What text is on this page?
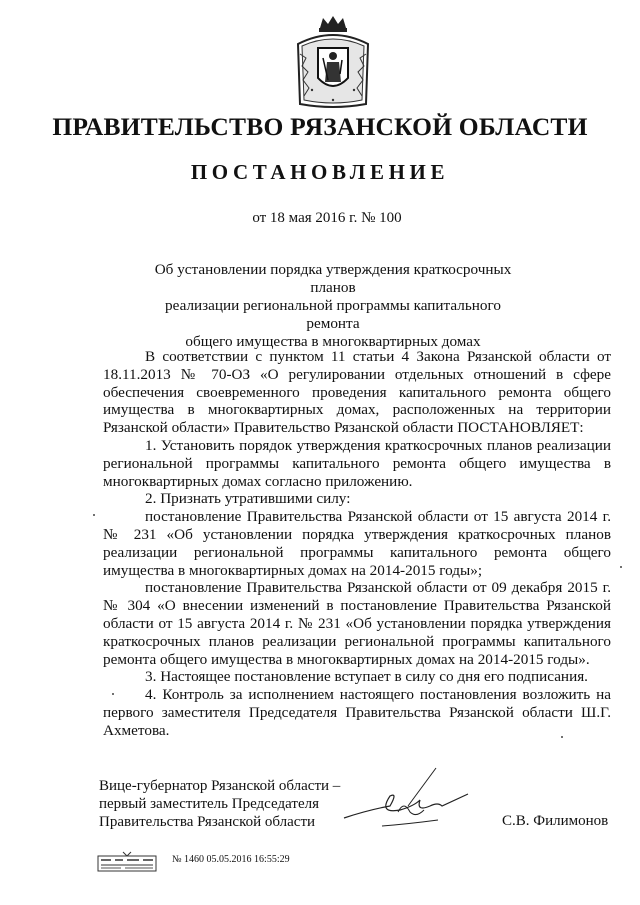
ПРАВИТЕЛЬСТВО РЯЗАНСКОЙ ОБЛАСТИ
ПОСТАНОВЛЕНИЕ
от 18 мая 2016 г. № 100
Об установлении порядка утверждения краткосрочных планов
реализации региональной программы капитального ремонта
общего имущества в многоквартирных домах

В соответствии с пунктом 11 статьи 4 Закона Рязанской области от 18.11.2013 № 70-ОЗ «О регулировании отдельных отношений в сфере обеспечения своевременного проведения капитального ремонта общего имущества в многоквартирных домах, расположенных на территории Рязанской области» Правительство Рязанской области ПОСТАНОВЛЯЕТ:

1. Установить порядок утверждения краткосрочных планов реализации региональной программы капитального ремонта общего имущества в многоквартирных домах согласно приложению.

2. Признать утратившими силу:

постановление Правительства Рязанской области от 15 августа 2014 г. № 231 «Об установлении порядка утверждения краткосрочных планов реализации региональной программы капитального ремонта общего имущества в многоквартирных домах на 2014-2015 годы»;

постановление Правительства Рязанской области от 09 декабря 2015 г. № 304 «О внесении изменений в постановление Правительства Рязанской области от 15 августа 2014 г. № 231 «Об установлении порядка утверждения краткосрочных планов реализации региональной программы капитального ремонта общего имущества в многоквартирных домах на 2014-2015 годы».

3. Настоящее постановление вступает в силу со дня его подписания.

4. Контроль за исполнением настоящего постановления возложить на первого заместителя Председателя Правительства Рязанской области Ш.Г. Ахметова.

Вице-губернатор Рязанской области –
первый заместитель Председателя
Правительства Рязанской области	С.В. Филимонов
№ 1460 05.05.2016 16:55:29
